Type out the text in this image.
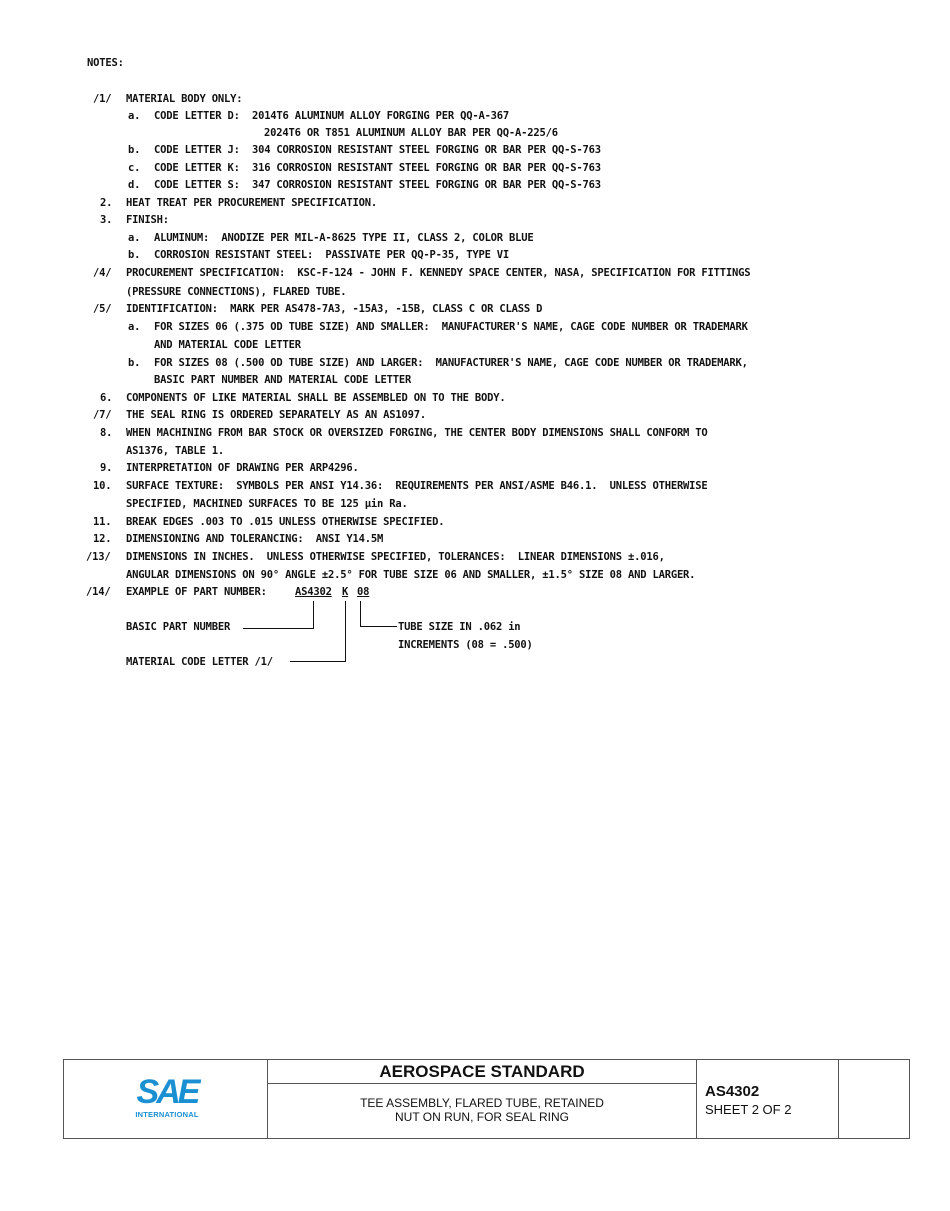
NOTES:
/1/ MATERIAL BODY ONLY:
a. CODE LETTER D:  2014T6 ALUMINUM ALLOY FORGING PER QQ-A-367
2024T6 OR T851 ALUMINUM ALLOY BAR PER QQ-A-225/6
b. CODE LETTER J:  304 CORROSION RESISTANT STEEL FORGING OR BAR PER QQ-S-763
c. CODE LETTER K:  316 CORROSION RESISTANT STEEL FORGING OR BAR PER QQ-S-763
d. CODE LETTER S:  347 CORROSION RESISTANT STEEL FORGING OR BAR PER QQ-S-763
2. HEAT TREAT PER PROCUREMENT SPECIFICATION.
3. FINISH:
a. ALUMINUM:  ANODIZE PER MIL-A-8625 TYPE II, CLASS 2, COLOR BLUE
b. CORROSION RESISTANT STEEL:  PASSIVATE PER QQ-P-35, TYPE VI
/4/ PROCUREMENT SPECIFICATION:  KSC-F-124 - JOHN F. KENNEDY SPACE CENTER, NASA, SPECIFICATION FOR FITTINGS
(PRESSURE CONNECTIONS), FLARED TUBE.
/5/ IDENTIFICATION:  MARK PER AS478-7A3, -15A3, -15B, CLASS C OR CLASS D
a. FOR SIZES 06 (.375 OD TUBE SIZE) AND SMALLER:  MANUFACTURER'S NAME, CAGE CODE NUMBER OR TRADEMARK
AND MATERIAL CODE LETTER
b. FOR SIZES 08 (.500 OD TUBE SIZE) AND LARGER:  MANUFACTURER'S NAME, CAGE CODE NUMBER OR TRADEMARK,
BASIC PART NUMBER AND MATERIAL CODE LETTER
6. COMPONENTS OF LIKE MATERIAL SHALL BE ASSEMBLED ON TO THE BODY.
/7/ THE SEAL RING IS ORDERED SEPARATELY AS AN AS1097.
8. WHEN MACHINING FROM BAR STOCK OR OVERSIZED FORGING, THE CENTER BODY DIMENSIONS SHALL CONFORM TO
AS1376, TABLE 1.
9. INTERPRETATION OF DRAWING PER ARP4296.
10. SURFACE TEXTURE:  SYMBOLS PER ANSI Y14.36:  REQUIREMENTS PER ANSI/ASME B46.1.  UNLESS OTHERWISE
SPECIFIED, MACHINED SURFACES TO BE 125 μin Ra.
11. BREAK EDGES .003 TO .015 UNLESS OTHERWISE SPECIFIED.
12. DIMENSIONING AND TOLERANCING:  ANSI Y14.5M
/13/ DIMENSIONS IN INCHES.  UNLESS OTHERWISE SPECIFIED, TOLERANCES:  LINEAR DIMENSIONS ±.016,
ANGULAR DIMENSIONS ON 90° ANGLE ±2.5° FOR TUBE SIZE 06 AND SMALLER, ±1.5° SIZE 08 AND LARGER.
/14/ EXAMPLE OF PART NUMBER:	AS4302 K 08
BASIC PART NUMBER	TUBE SIZE IN .062 in
INCREMENTS (08 = .500)
MATERIAL CODE LETTER /1/
SAE
INTERNATIONAL
AEROSPACE STANDARD
TEE ASSEMBLY, FLARED TUBE, RETAINED
NUT ON RUN, FOR SEAL RING
AS4302
SHEET 2 OF 2
